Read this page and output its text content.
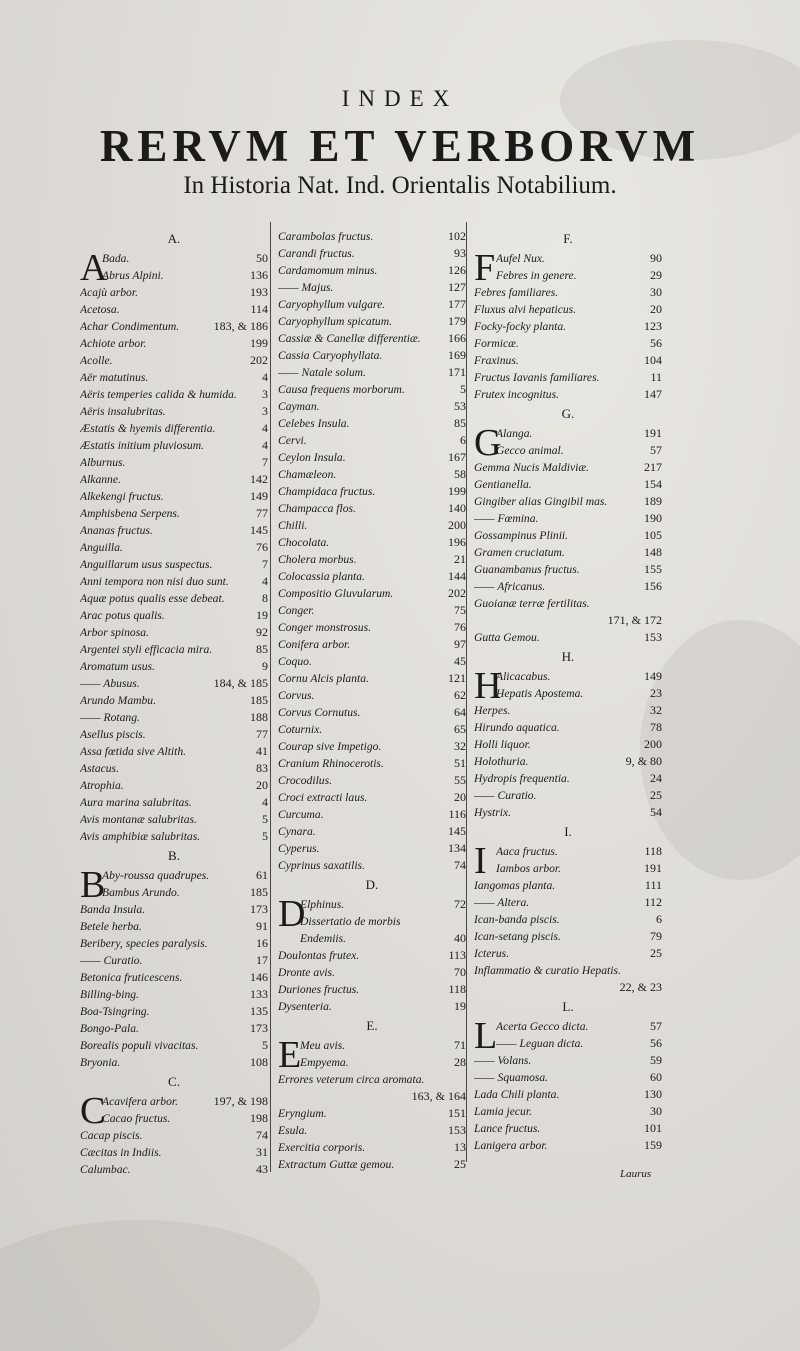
INDEX
RERVM ET VERBORVM
In Historia Nat. Ind. Orientalis Notabilium.
A.
A
Bada.	50
Abrus Alpini.	136
Acajù arbor.	193
Acetosa.	114
Achar Condimentum.	183, & 186
Achiote arbor.	199
Acolle.	202
Aër matutinus.	4
Aëris temperies calida & humida.	3
Aëris insalubritas.	3
Æstatis & hyemis differentia.	4
Æstatis initium pluviosum.	4
Alburnus.	7
Alkanne.	142
Alkekengi fructus.	149
Amphisbena Serpens.	77
Ananas fructus.	145
Anguilla.	76
Anguillarum usus suspectus.	7
Anni tempora non nisi duo sunt.	4
Aquæ potus qualis esse debeat.	8
Arac potus qualis.	19
Arbor spinosa.	92
Argentei styli efficacia mira.	85
Aromatum usus.	9
—— Abusus.	184, & 185
Arundo Mambu.	185
—— Rotang.	188
Asellus piscis.	77
Assa fœtida sive Altith.	41
Astacus.	83
Atrophia.	20
Aura marina salubritas.	4
Avis montanæ salubritas.	5
Avis amphibiæ salubritas.	5
B.
B
Aby-roussa quadrupes.	61
Bambus Arundo.	185
Banda Insula.	173
Betele herba.	91
Beribery, species paralysis.	16
—— Curatio.	17
Betonica fruticescens.	146
Billing-bing.	133
Boa-Tsingring.	135
Bongo-Pala.	173
Borealis populi vivacitas.	5
Bryonia.	108
C.
C
Acavifera arbor.	197, & 198
Cacao fructus.	198
Cacap piscis.	74
Cæcitas in Indiis.	31
Calumbac.	43
Carambolas fructus.	102
Carandi fructus.	93
Cardamomum minus.	126
—— Majus.	127
Caryophyllum vulgare.	177
Caryophyllum spicatum.	179
Cassiæ & Canellæ differentiæ.	166
Cassia Caryophyllata.	169
—— Natale solum.	171
Causa frequens morborum.	5
Cayman.	53
Celebes Insula.	85
Cervi.	6
Ceylon Insula.	167
Chamæleon.	58
Champidaca fructus.	199
Champacca flos.	140
Chilli.	200
Chocolata.	196
Cholera morbus.	21
Colocassia planta.	144
Compositio Gluvularum.	202
Conger.	75
Conger monstrosus.	76
Conifera arbor.	97
Coquo.	45
Cornu Alcis planta.	121
Corvus.	62
Corvus Cornutus.	64
Coturnix.	65
Courap sive Impetigo.	32
Cranium Rhinocerotis.	51
Crocodilus.	55
Croci extracti laus.	20
Curcuma.	116
Cynara.	145
Cyperus.	134
Cyprinus saxatilis.	74
D.
D
Elphinus.	72
Dissertatio de morbis Endemiis.	40
Doulontas frutex.	113
Dronte avis.	70
Duriones fructus.	118
Dysenteria.	19
E.
E
Meu avis.	71
Empyema.	28
Errores veterum circa aromata.
163, & 164
Eryngium.	151
Esula.	153
Exercitia corporis.	13
Extractum Guttæ gemou.	25
F.
F Aufel Nux.	90
Febres in genere.	29
Febres familiares.	30
Fluxus alvi hepaticus.	20
Focky-focky planta.	123
Formicæ.	56
Fraxinus.	104
Fructus Iavanis familiares.	11
Frutex incognitus.	147
G.
G
Alanga.	191
Gecco animal.	57
Gemma Nucis Maldiviæ.	217
Gentianella.	154
Gingiber alias Gingibil mas.	189
—— Fœmina.	190
Gossampinus Plinii.	105
Gramen cruciatum.	148
Guanambanus fructus.	155
—— Africanus.	156
Guoianæ terræ fertilitas.
171, & 172
Gutta Gemou.	153
H.
H
Alicacabus.	149
Hepatis Apostema.	23
Herpes.	32
Hirundo aquatica.	78
Holli liquor.	200
Holothuria.	9, & 80
Hydropis frequentia.	24
—— Curatio.	25
Hystrix.	54
I.
I Aaca fructus.	118
Iambos arbor.	191
Iangomas planta.	111
—— Altera.	112
Ican-banda piscis.	6
Ican-setang piscis.	79
Icterus.	25
Inflammatio & curatio Hepatis.
22, & 23
L.
L
Acerta Gecco dicta.	57
—— Leguan dicta.	56
—— Volans.	59
—— Squamosa.	60
Lada Chili planta.	130
Lamia jecur.	30
Lance fructus.	101
Lanigera arbor.	159
Laurus
